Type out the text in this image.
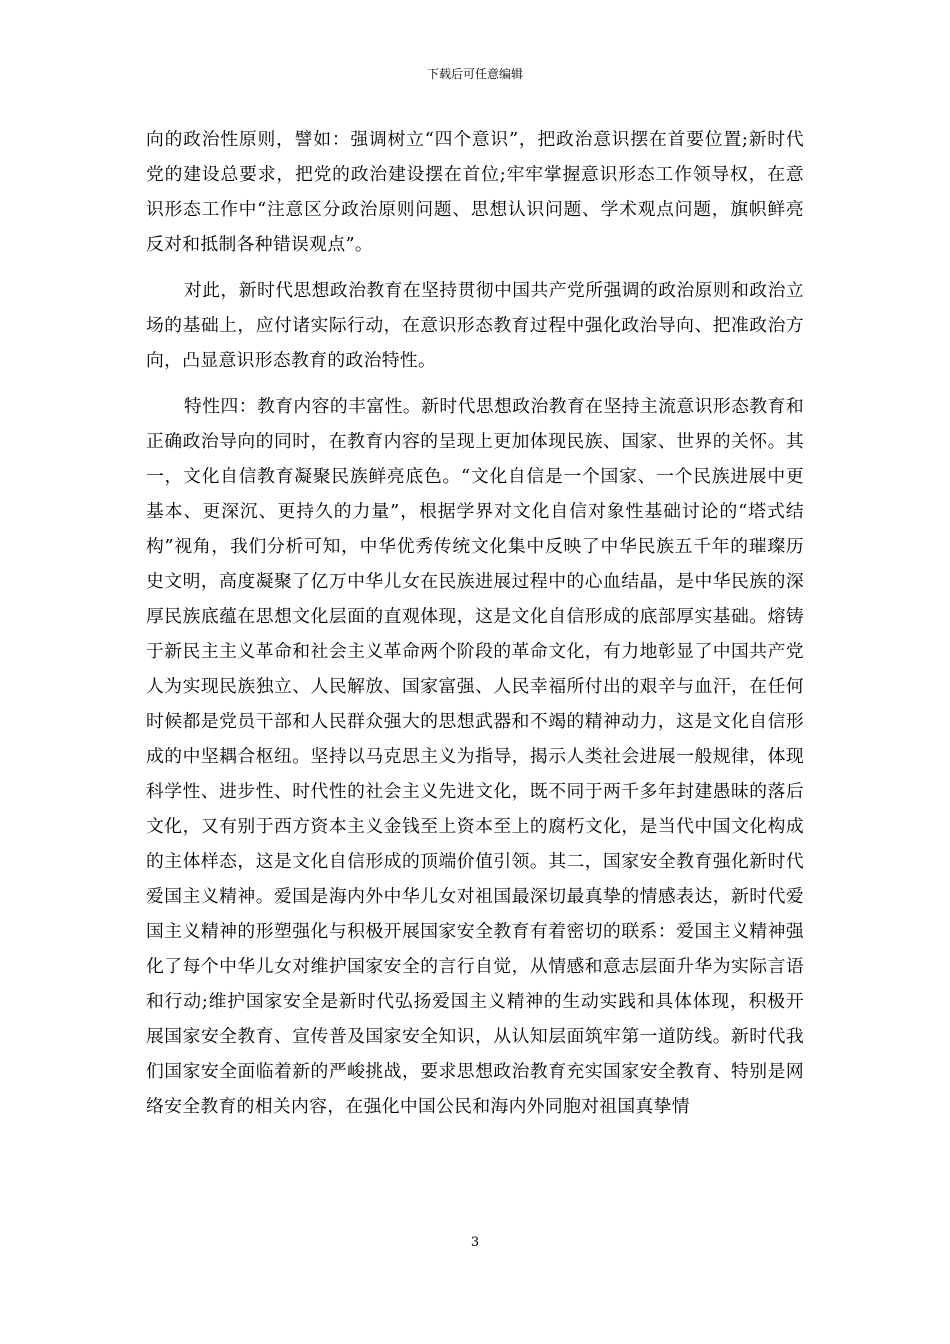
下载后可任意编辑

向的政治性原则，譬如：强调树立“四个意识”，把政治意识摆在首要位置;新时代党的建设总要求，把党的政治建设摆在首位;牢牢掌握意识形态工作领导权，在意识形态工作中“注意区分政治原则问题、思想认识问题、学术观点问题，旗帜鲜亮反对和抵制各种错误观点”。

对此，新时代思想政治教育在坚持贯彻中国共产党所强调的政治原则和政治立场的基础上，应付诸实际行动，在意识形态教育过程中强化政治导向、把准政治方向，凸显意识形态教育的政治特性。

特性四：教育内容的丰富性。新时代思想政治教育在坚持主流意识形态教育和正确政治导向的同时，在教育内容的呈现上更加体现民族、国家、世界的关怀。其一，文化自信教育凝聚民族鲜亮底色。“文化自信是一个国家、一个民族进展中更基本、更深沉、更持久的力量”，根据学界对文化自信对象性基础讨论的“塔式结构”视角，我们分析可知，中华优秀传统文化集中反映了中华民族五千年的璀璨历史文明，高度凝聚了亿万中华儿女在民族进展过程中的心血结晶，是中华民族的深厚民族底蕴在思想文化层面的直观体现，这是文化自信形成的底部厚实基础。熔铸于新民主主义革命和社会主义革命两个阶段的革命文化，有力地彰显了中国共产党人为实现民族独立、人民解放、国家富强、人民幸福所付出的艰辛与血汗，在任何时候都是党员干部和人民群众强大的思想武器和不竭的精神动力，这是文化自信形成的中坚耦合枢纽。坚持以马克思主义为指导，揭示人类社会进展一般规律，体现科学性、进步性、时代性的社会主义先进文化，既不同于两千多年封建愚昧的落后文化，又有别于西方资本主义金钱至上资本至上的腐朽文化，是当代中国文化构成的主体样态，这是文化自信形成的顶端价值引领。其二，国家安全教育强化新时代爱国主义精神。爱国是海内外中华儿女对祖国最深切最真挚的情感表达，新时代爱国主义精神的形塑强化与积极开展国家安全教育有着密切的联系：爱国主义精神强化了每个中华儿女对维护国家安全的言行自觉，从情感和意志层面升华为实际言语和行动;维护国家安全是新时代弘扬爱国主义精神的生动实践和具体体现，积极开展国家安全教育、宣传普及国家安全知识，从认知层面筑牢第一道防线。新时代我们国家安全面临着新的严峻挑战，要求思想政治教育充实国家安全教育、特别是网络安全教育的相关内容，在强化中国公民和海内外同胞对祖国真挚情

3
